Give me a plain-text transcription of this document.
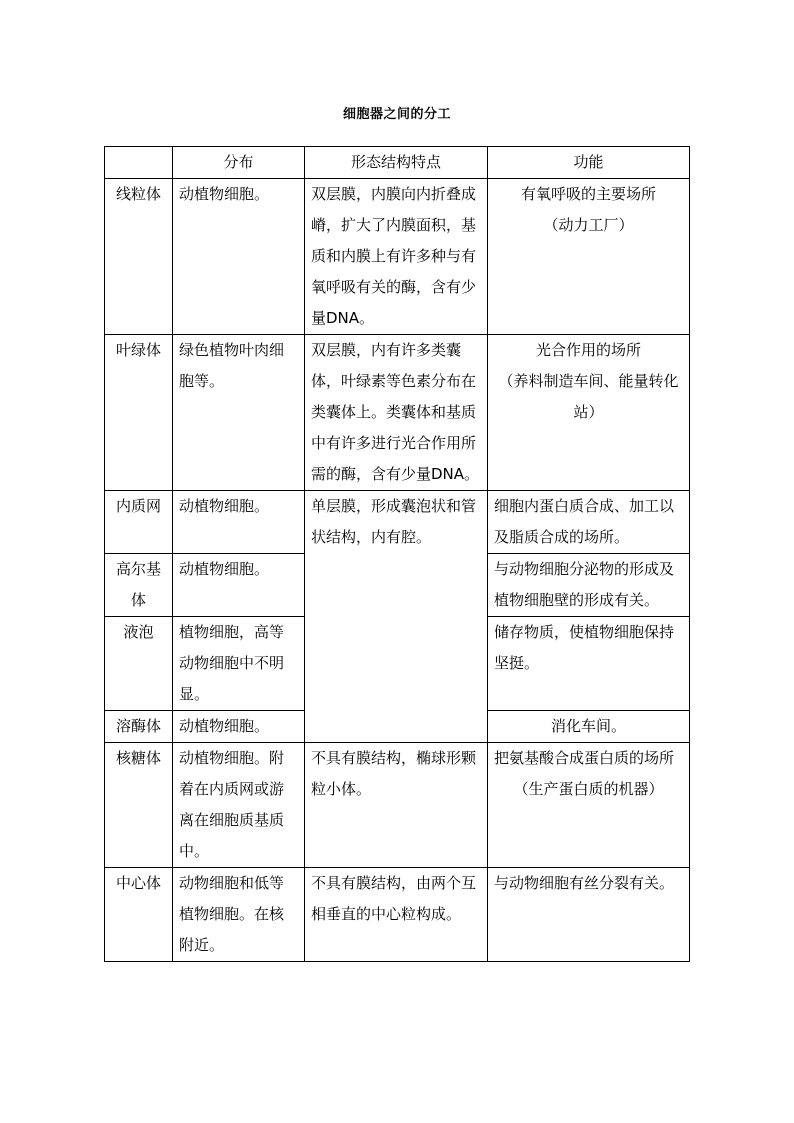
细胞器之间的分工
	分布	形态结构特点	功能
线粒体	动植物细胞。	双层膜，内膜向内折叠成嵴，扩大了内膜面积，基质和内膜上有许多种与有氧呼吸有关的酶，含有少量DNA。	有氧呼吸的主要场所
（动力工厂）

叶绿体	绿色植物叶肉细胞等。	双层膜，内有许多类囊体，叶绿素等色素分布在类囊体上。类囊体和基质中有许多进行光合作用所需的酶，含有少量DNA。	光合作用的场所
（养料制造车间、能量转化站）

内质网	动植物细胞。	单层膜，形成囊泡状和管状结构，内有腔。	细胞内蛋白质合成、加工以及脂质合成的场所。
高尔基体	动植物细胞。		与动物细胞分泌物的形成及植物细胞壁的形成有关。
液泡	植物细胞，高等动物细胞中不明显。		储存物质，使植物细胞保持坚挺。
溶酶体	动植物细胞。		消化车间。
核糖体	动植物细胞。附着在内质网或游离在细胞质基质中。	不具有膜结构，椭球形颗粒小体。	把氨基酸合成蛋白质的场所
（生产蛋白质的机器）

中心体	动物细胞和低等植物细胞。在核附近。	不具有膜结构，由两个互相垂直的中心粒构成。	与动物细胞有丝分裂有关。
